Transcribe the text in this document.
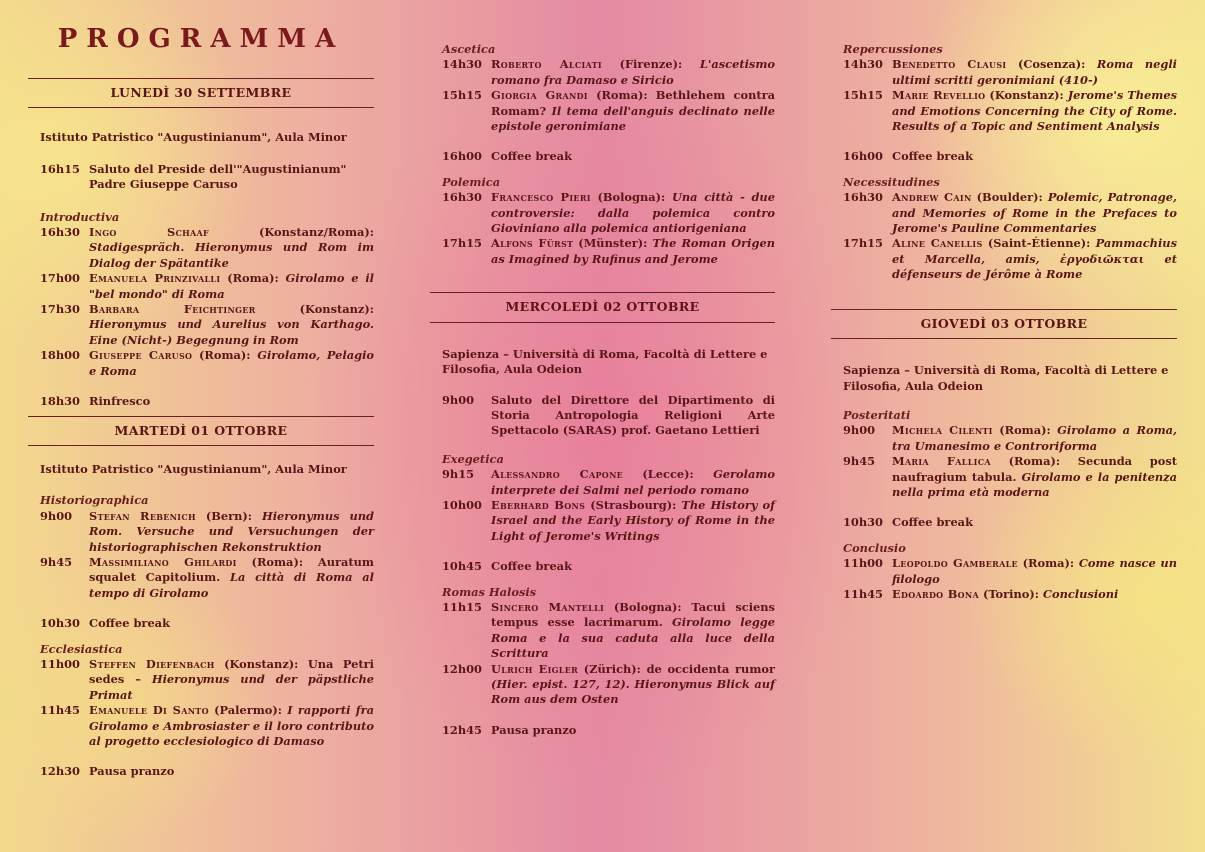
PROGRAMMA
LUNEDÌ 30 SETTEMBRE
Istituto Patristico "Augustinianum", Aula Minor
16h15 Saluto del Preside dell'"Augustinianum"
Padre Giuseppe Caruso
Introductiva
16h30 Ingo Schaaf (Konstanz/Roma): Stadigespräch. Hieronymus und Rom im Dialog der Spätantike
17h00 Emanuela Prinzivalli (Roma): Girolamo e il "bel mondo" di Roma
17h30 Barbara Feichtinger (Konstanz): Hieronymus und Aurelius von Karthago. Eine (Nicht-) Begegnung in Rom
18h00 Giuseppe Caruso (Roma): Girolamo, Pelagio e Roma
18h30 Rinfresco
MARTEDÌ 01 OTTOBRE
Istituto Patristico "Augustinianum", Aula Minor
Historiographica
9h00	Stefan Rebenich (Bern): Hieronymus und Rom. Versuche und Versuchungen der historiographischen Rekonstruktion
9h45	Massimiliano Ghilardi (Roma): Auratum squalet Capitolium. La città di Roma al tempo di Girolamo
10h30 Coffee break
Ecclesiastica
11h00 Steffen Diefenbach (Konstanz): Una Petri sedes – Hieronymus und der päpstliche Primat
11h45 Emanuele Di Santo (Palermo): I rapporti fra Girolamo e Ambrosiaster e il loro contributo al progetto ecclesiologico di Damaso
12h30 Pausa pranzo
Ascetica
14h30 Roberto Alciati (Firenze): L'ascetismo romano fra Damaso e Siricio
15h15 Giorgia Grandi (Roma): Bethlehem contra Romam? Il tema dell'anguis declinato nelle epistole geronimiane
16h00 Coffee break
Polemica
16h30 Francesco Pieri (Bologna): Una città - due controversie: dalla polemica contro Gioviniano alla polemica antiorigeniana
17h15 Alfons Fürst (Münster): The Roman Origen as Imagined by Rufinus and Jerome
MERCOLEDÌ 02 OTTOBRE
Sapienza – Università di Roma, Facoltà di Lettere e Filosofia, Aula Odeion
9h00	Saluto del Direttore del Dipartimento di Storia Antropologia Religioni Arte Spettacolo (SARAS) prof. Gaetano Lettieri
Exegetica
9h15	Alessandro Capone (Lecce): Gerolamo interprete dei Salmi nel periodo romano
10h00 Eberhard Bons (Strasbourg): The History of Israel and the Early History of Rome in the Light of Jerome's Writings
10h45 Coffee break
Romas Halosis
11h15 Sincero Mantelli (Bologna): Tacui sciens tempus esse lacrimarum. Girolamo legge Roma e la sua caduta alla luce della Scrittura
12h00 Ulrich Eigler (Zürich): de occidenta rumor (Hier. epist. 127, 12). Hieronymus Blick auf Rom aus dem Osten
12h45 Pausa pranzo
Repercussiones
14h30 Benedetto Clausi (Cosenza): Roma negli ultimi scritti geronimiani (410-)
15h15 Marie Revellio (Konstanz): Jerome's Themes and Emotions Concerning the City of Rome. Results of a Topic and Sentiment Analysis
16h00 Coffee break
Necessitudines
16h30 Andrew Cain (Boulder): Polemic, Patronage, and Memories of Rome in the Prefaces to Jerome's Pauline Commentaries
17h15 Aline Canellis (Saint-Étienne): Pammachius et Marcella, amis, ἐργοδιῶκται et défenseurs de Jérôme à Rome
GIOVEDÌ 03 OTTOBRE
Sapienza – Università di Roma, Facoltà di Lettere e Filosofia, Aula Odeion
Posteritati
9h00	Michela Cilenti (Roma): Girolamo a Roma, tra Umanesimo e Controriforma
9h45	Maria Fallica (Roma): Secunda post naufragium tabula. Girolamo e la penitenza nella prima età moderna
10h30 Coffee break
Conclusio
11h00 Leopoldo Gamberale (Roma): Come nasce un filologo
11h45 Edoardo Bona (Torino): Conclusioni
